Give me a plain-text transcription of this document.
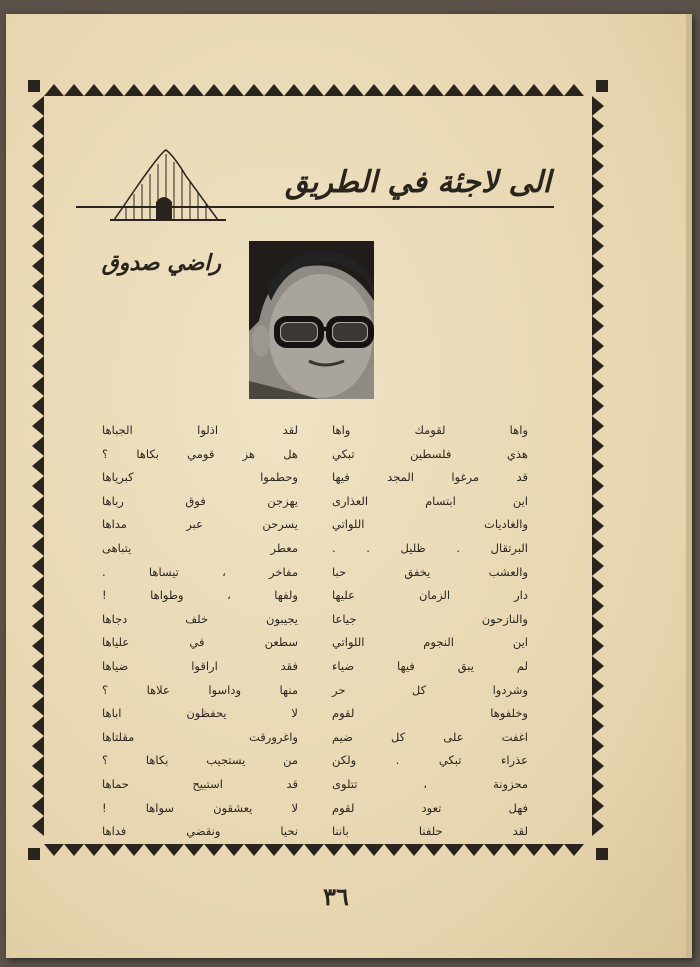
الى لاجئة في الطريق
راضي صدوق
واها لقومك واها
هذي فلسطين تبكي
قد مرغوا المجد فيها
اين ابتسام العذارى
والغاديات اللواتي
البرتقال . ظليل . .
والعشب يخفق حبا
دار الزمان عليها
والنازحون جياعا
اين النجوم اللواتي
لم يبق فيها ضياء
وشردوا كل حر
وخلفوها لقوم
اغفت على كل ضيم
عذراء تبكي . ولكن
محزونة ، تتلوى
فهل تعود لقوم
لقد حلفنا باننا
لقد اذلوا الجباها
هل هز قومي بكاها ؟
وحطموا كبرياها
يهزجن فوق رباها
يسرحن عبر مداها
معطر يتباهى
مفاخر ، تيساها .
ولفها ، وطواها !
يجيبون خلف دجاها
سطعن في علياها
فقد اراقوا ضياها
منها وداسوا علاها ؟
لا يحفظون اباها
واغرورقت مقلتاها
من يستجيب بكاها ؟
قد استبيح حماها
لا يعشقون سواها !
نحيا ونقضي فداها
٣٦
